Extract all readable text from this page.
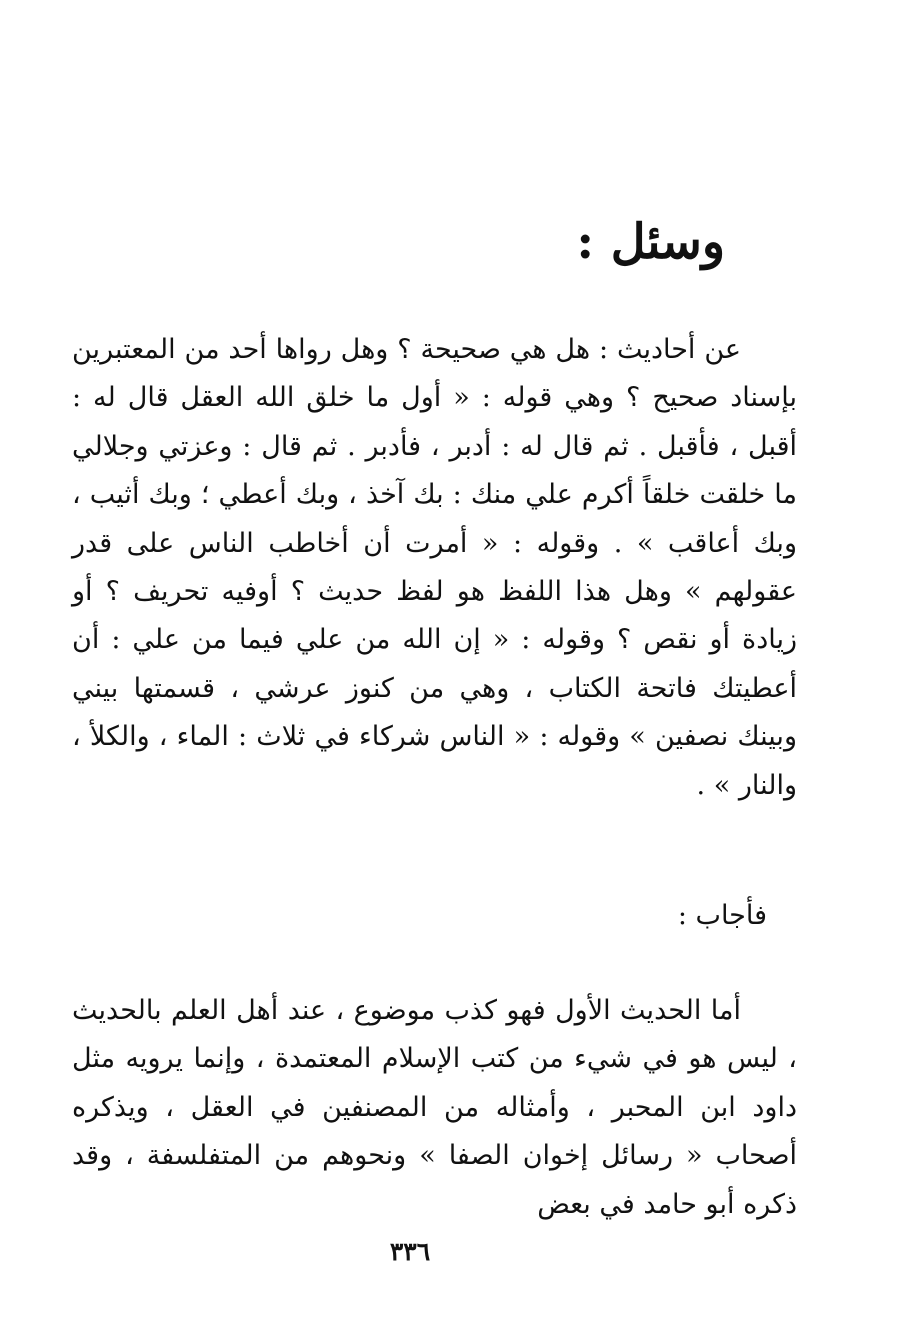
وسئل :

عن أحاديث : هل هي صحيحة ؟ وهل رواها أحد من المعتبرين بإسناد صحيح ؟ وهي قوله : « أول ما خلق الله العقل قال له : أقبل ، فأقبل . ثم قال له : أدبر ، فأدبر . ثم قال : وعزتي وجلالي ما خلقت خلقاً أكرم علي منك : بك آخذ ، وبك أعطي ؛ وبك أثيب ، وبك أعاقب » . وقوله : « أمرت أن أخاطب الناس على قدر عقولهم » وهل هذا اللفظ هو لفظ حديث ؟ أوفيه تحريف ؟ أو زيادة أو نقص ؟ وقوله : « إن الله من علي فيما من علي : أن أعطيتك فاتحة الكتاب ، وهي من كنوز عرشي ، قسمتها بيني وبينك نصفين » وقوله : « الناس شركاء في ثلاث : الماء ، والكلأ ، والنار » .

فأجاب :

أما الحديث الأول فهو كذب موضوع ، عند أهل العلم بالحديث ، ليس هو في شيء من كتب الإسلام المعتمدة ، وإنما يرويه مثل داود ابن المحبر ، وأمثاله من المصنفين في العقل ، ويذكره أصحاب « رسائل إخوان الصفا » ونحوهم من المتفلسفة ، وقد ذكره أبو حامد في بعض

٣٣٦
